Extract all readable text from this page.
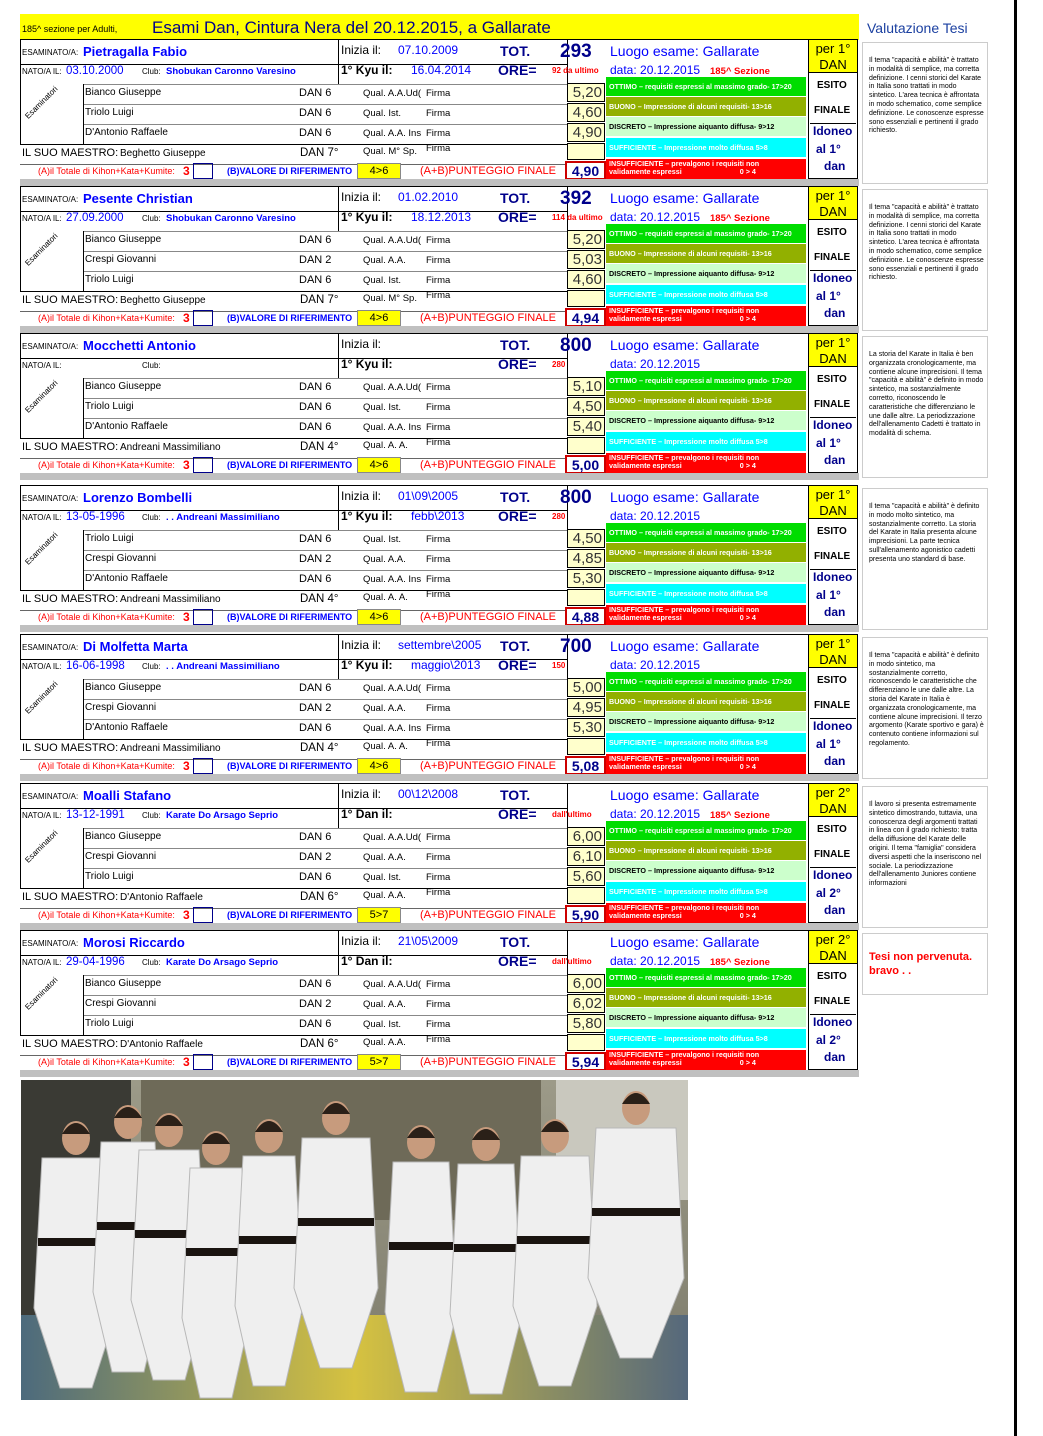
185^ sezione per Adulti, Esami Dan, Cintura Nera del 20.12.2015, a Gallarate	Valutazione Tesi
ESAMINATO/A: Pietragalla Fabio
NATO/A IL: 03.10.2000 Club: Shobukan Caronno Varesino
Inizia il: 07.10.2009
1° Kyu il: 16.04.2014
TOT.
ORE=
293
92 da ultimo
Luogo esame: Gallarate
data: 20.12.2015 185^ Sezione
per 1°
DAN
ESITO
FINALE
Idoneo
al 1°
dan
Esaminatori	Bianco Giuseppe	DAN 6	Qual. A.A.Ud( Firma	5,20
Triolo Luigi	DAN 6	Qual. Ist.	Firma	4,60
D'Antonio Raffaele	DAN 6	Qual. A.A. Ins Firma	4,90
IL SUO MAESTRO: Beghetto Giuseppe	DAN 7°	Qual. M° Sp. Firma
OTTIMO – requisiti espressi al massimo grado- 17>20
BUONO – Impressione di alcuni requisiti- 13>16
DISCRETO – Impressione aiquanto diffusa- 9>12
SUFFICIENTE – Impressione molto diffusa 5>8
INSUFFICIENTE – prevalgono i requisiti non
validamente espressi	0 > 4
(A)il Totale di Kihon+Kata+Kumite: 3	(B)VALORE DI RIFERIMENTO	4>6	(A+B)PUNTEGGIO FINALE	4,90
ESAMINATO/A: Pesente Christian
NATO/A IL: 27.09.2000 Club: Shobukan Caronno Varesino
Inizia il: 01.02.2010
1° Kyu il: 18.12.2013
TOT.
ORE=
392
114 da ultimo
Luogo esame: Gallarate
data: 20.12.2015 185^ Sezione
per 1°
DAN
ESITO
FINALE
Idoneo
al 1°
dan
Esaminatori	Bianco Giuseppe	DAN 6	Qual. A.A.Ud( Firma	5,20
Crespi Giovanni	DAN 2	Qual. A.A. Firma	5,03
Triolo Luigi	DAN 6	Qual. Ist.	Firma	4,60
IL SUO MAESTRO: Beghetto Giuseppe	DAN 7°	Qual. M° Sp. Firma
OTTIMO – requisiti espressi al massimo grado- 17>20
BUONO – Impressione di alcuni requisiti- 13>16
DISCRETO – Impressione aiquanto diffusa- 9>12
SUFFICIENTE – Impressione molto diffusa 5>8
INSUFFICIENTE – prevalgono i requisiti non
validamente espressi	0 > 4
(A)il Totale di Kihon+Kata+Kumite: 3	(B)VALORE DI RIFERIMENTO	4>6	(A+B)PUNTEGGIO FINALE	4,94
ESAMINATO/A: Mocchetti Antonio
NATO/A IL:	Club:
Inizia il:
1° Kyu il:
TOT.
ORE=
800
280
Luogo esame: Gallarate
data: 20.12.2015
per 1°
DAN
ESITO
FINALE
Idoneo
al 1°
dan
Esaminatori	Bianco Giuseppe	DAN 6	Qual. A.A.Ud( Firma	5,10
Triolo Luigi	DAN 6	Qual. Ist.	Firma	4,50
D'Antonio Raffaele	DAN 6	Qual. A.A. Ins Firma	5,40
IL SUO MAESTRO: Andreani Massimiliano	DAN 4°	Qual. A. A. Firma
OTTIMO – requisiti espressi al massimo grado- 17>20
BUONO – Impressione di alcuni requisiti- 13>16
DISCRETO – Impressione aiquanto diffusa- 9>12
SUFFICIENTE – Impressione molto diffusa 5>8
INSUFFICIENTE – prevalgono i requisiti non
validamente espressi	0 > 4
(A)il Totale di Kihon+Kata+Kumite: 3	(B)VALORE DI RIFERIMENTO	4>6	(A+B)PUNTEGGIO FINALE	5,00
ESAMINATO/A: Lorenzo Bombelli
NATO/A IL: 13-05-1996 Club: . . Andreani Massimiliano
Inizia il: 01\09\2005
1° Kyu il: febb\2013
TOT.
ORE=
800
280
Luogo esame: Gallarate
data: 20.12.2015
per 1°
DAN
ESITO
FINALE
Idoneo
al 1°
dan
Esaminatori	Triolo Luigi	DAN 6	Qual. Ist.	Firma	4,50
Crespi Giovanni	DAN 2	Qual. A.A. Firma	4,85
D'Antonio Raffaele	DAN 6	Qual. A.A. Ins Firma	5,30
IL SUO MAESTRO: Andreani Massimiliano	DAN 4°	Qual. A. A. Firma
OTTIMO – requisiti espressi al massimo grado- 17>20
BUONO – Impressione di alcuni requisiti- 13>16
DISCRETO – Impressione aiquanto diffusa- 9>12
SUFFICIENTE – Impressione molto diffusa 5>8
INSUFFICIENTE – prevalgono i requisiti non
validamente espressi	0 > 4
(A)il Totale di Kihon+Kata+Kumite: 3	(B)VALORE DI RIFERIMENTO	4>6	(A+B)PUNTEGGIO FINALE	4,88
ESAMINATO/A: Di Molfetta Marta
NATO/A IL: 16-06-1998 Club: . . Andreani Massimiliano
Inizia il: settembre\2005
1° Kyu il: maggio\2013
TOT.
ORE=
700
150
Luogo esame: Gallarate
data: 20.12.2015
per 1°
DAN
ESITO
FINALE
Idoneo
al 1°
dan
Esaminatori	Bianco Giuseppe	DAN 6	Qual. A.A.Ud( Firma	5,00
Crespi Giovanni	DAN 2	Qual. A.A. Firma	4,95
D'Antonio Raffaele	DAN 6	Qual. A.A. Ins Firma	5,30
IL SUO MAESTRO: Andreani Massimiliano	DAN 4°	Qual. A. A. Firma
OTTIMO – requisiti espressi al massimo grado- 17>20
BUONO – Impressione di alcuni requisiti- 13>16
DISCRETO – Impressione aiquanto diffusa- 9>12
SUFFICIENTE – Impressione molto diffusa 5>8
INSUFFICIENTE – prevalgono i requisiti non
validamente espressi	0 > 4
(A)il Totale di Kihon+Kata+Kumite: 3	(B)VALORE DI RIFERIMENTO	4>6	(A+B)PUNTEGGIO FINALE	5,08
ESAMINATO/A: Moalli Stafano
NATO/A IL: 13-12-1991 Club: Karate Do Arsago Seprio
Inizia il: 00\12\2008
1° Dan il:
TOT.
ORE= dall'ultimo
Luogo esame: Gallarate
data: 20.12.2015 185^ Sezione
per 2°
DAN
ESITO
FINALE
Idoneo
al 2°
dan
Esaminatori	Bianco Giuseppe	DAN 6	Qual. A.A.Ud( Firma	6,00
Crespi Giovanni	DAN 2	Qual. A.A. Firma	6,10
Triolo Luigi	DAN 6	Qual. Ist.	Firma	5,60
IL SUO MAESTRO: D'Antonio Raffaele	DAN 6°	Qual. A.A. Firma
OTTIMO – requisiti espressi al massimo grado- 17>20
BUONO – Impressione di alcuni requisiti- 13>16
DISCRETO – Impressione aiquanto diffusa- 9>12
SUFFICIENTE – Impressione molto diffusa 5>8
INSUFFICIENTE – prevalgono i requisiti non
validamente espressi	0 > 4
(A)il Totale di Kihon+Kata+Kumite: 3	(B)VALORE DI RIFERIMENTO	5>7	(A+B)PUNTEGGIO FINALE	5,90
ESAMINATO/A: Morosi Riccardo
NATO/A IL: 29-04-1996 Club: Karate Do Arsago Seprio
Inizia il: 21\05\2009
1° Dan il:
TOT.
ORE= dall'ultimo
Luogo esame: Gallarate
data: 20.12.2015 185^ Sezione
per 2°
DAN
ESITO
FINALE
Idoneo
al 2°
dan
Esaminatori	Bianco Giuseppe	DAN 6	Qual. A.A.Ud( Firma	6,00
Crespi Giovanni	DAN 2	Qual. A.A. Firma	6,02
Triolo Luigi	DAN 6	Qual. Ist.	Firma	5,80
IL SUO MAESTRO: D'Antonio Raffaele	DAN 6°	Qual. A.A. Firma
OTTIMO – requisiti espressi al massimo grado- 17>20
BUONO – Impressione di alcuni requisiti- 13>16
DISCRETO – Impressione aiquanto diffusa- 9>12
SUFFICIENTE – Impressione molto diffusa 5>8
INSUFFICIENTE – prevalgono i requisiti non
validamente espressi	0 > 4
(A)il Totale di Kihon+Kata+Kumite: 3	(B)VALORE DI RIFERIMENTO	5>7	(A+B)PUNTEGGIO FINALE	5,94
Il tema "capacità e abilità" è trattato in modalità di semplice, ma corretta definizione. I cenni storici del Karate in Italia sono trattati in modo sintetico. L'area tecnica è affrontata in modo schematico, come semplice definizione. Le conoscenze espresse sono essenziali e pertinenti il grado richiesto.
Il tema "capacità e abilità" è trattato in modalità di semplice, ma corretta definizione. I cenni storici del Karate in Italia sono trattati in modo sintetico. L'area tecnica è affrontata in modo schematico, come semplice definizione. Le conoscenze espresse sono essenziali e pertinenti il grado richiesto.
La storia del Karate in Italia è ben organizzata cronologicamente, ma contiene alcune imprecisioni. Il tema "capacità e abilità" è definito in modo sintetico, ma sostanzialmente corretto, riconoscendo le caratteristiche che differenziano le une dalle altre. La periodizzazione dell'allenamento Cadetti è trattato in modalità di schema.
Il tema "capacità e abilità" è definito in modo molto sintetico, ma sostanzialmente corretto. La storia del Karate in Italia presenta alcune imprecisioni. La parte tecnica sull'allenamento agonistico cadetti presenta uno standard di base.
Il tema "capacità e abilità" è definito in modo sintetico, ma sostanzialmente corretto, riconoscendo le caratteristiche che differenziano le une dalle altre. La storia del Karate in Italia è organizzata cronologicamente, ma contiene alcune imprecisioni. Il terzo argomento (Karate sportivo e gara) è contenuto contiene informazioni sul regolamento.
Il lavoro si presenta estremamente sintetico dimostrando, tuttavia, una conoscenza degli argomenti trattati in linea con il grado richiesto: tratta della diffusione del Karate delle origini. Il tema "famiglia" considera diversi aspetti che la inseriscono nel sociale. La periodizzazione dell'allenamento Juniores contiene informazioni
Tesi non pervenuta. bravo . .
